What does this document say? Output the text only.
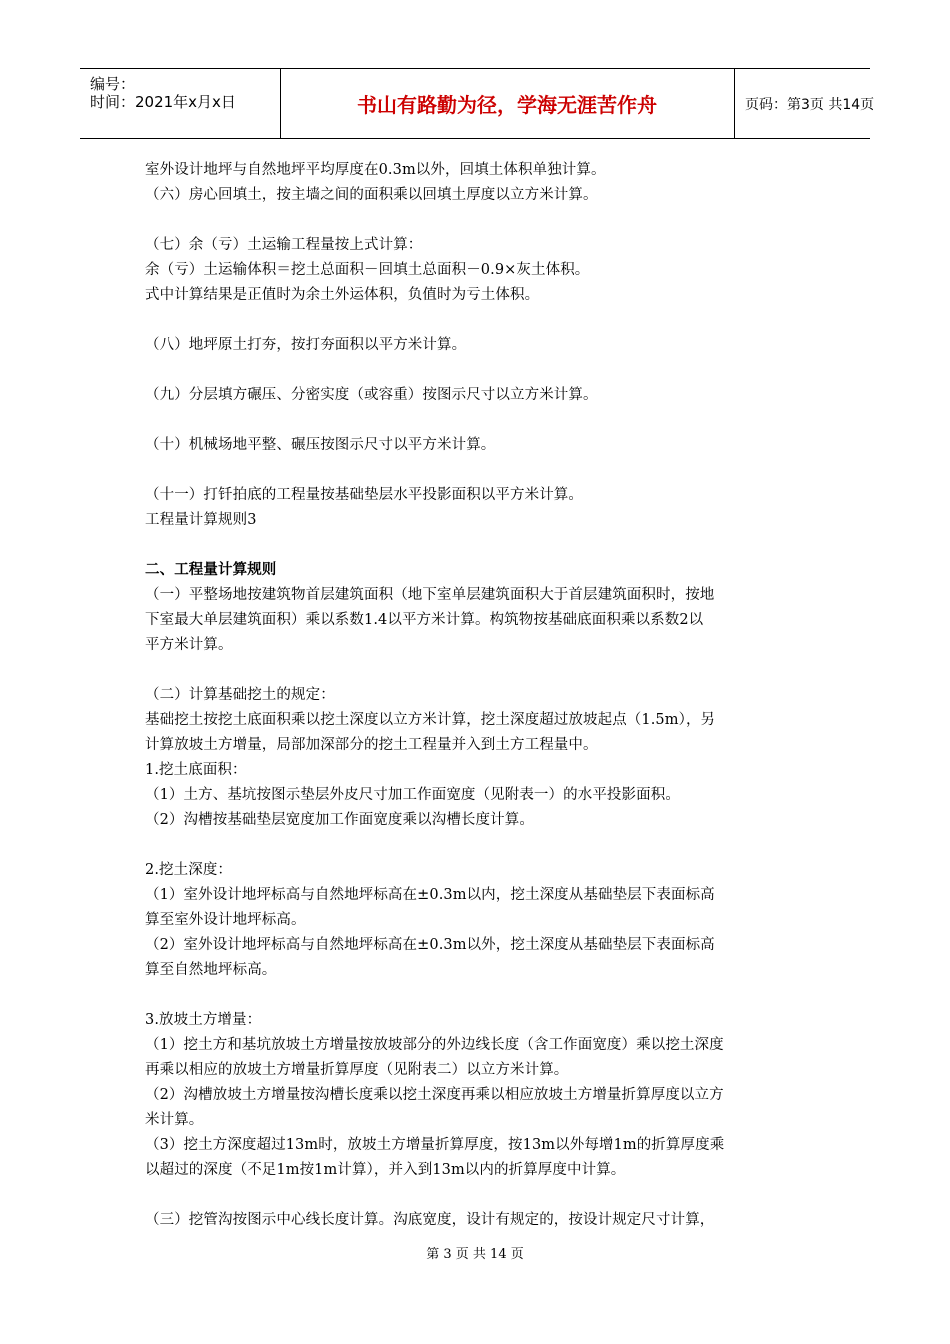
编号：
时间：2021年x月x日	书山有路勤为径，学海无涯苦作舟	页码：第3页 共14页

室外设计地坪与自然地坪平均厚度在0.3m以外，回填土体积单独计算。

（六）房心回填土，按主墙之间的面积乘以回填土厚度以立方米计算。

（七）余（亏）土运输工程量按上式计算：

余（亏）土运输体积＝挖土总面积－回填土总面积－0.9×灰土体积。

式中计算结果是正值时为余土外运体积，负值时为亏土体积。

（八）地坪原土打夯，按打夯面积以平方米计算。

（九）分层填方碾压、分密实度（或容重）按图示尺寸以立方米计算。

（十）机械场地平整、碾压按图示尺寸以平方米计算。

（十一）打钎拍底的工程量按基础垫层水平投影面积以平方米计算。

工程量计算规则3

二、工程量计算规则

（一）平整场地按建筑物首层建筑面积（地下室单层建筑面积大于首层建筑面积时，按地

下室最大单层建筑面积）乘以系数1.4以平方米计算。构筑物按基础底面积乘以系数2以

平方米计算。

（二）计算基础挖土的规定：

基础挖土按挖土底面积乘以挖土深度以立方米计算，挖土深度超过放坡起点（1.5m），另

计算放坡土方增量，局部加深部分的挖土工程量并入到土方工程量中。

1.挖土底面积：

（1）土方、基坑按图示垫层外皮尺寸加工作面宽度（见附表一）的水平投影面积。

（2）沟槽按基础垫层宽度加工作面宽度乘以沟槽长度计算。

2.挖土深度：

（1）室外设计地坪标高与自然地坪标高在±0.3m以内，挖土深度从基础垫层下表面标高

算至室外设计地坪标高。

（2）室外设计地坪标高与自然地坪标高在±0.3m以外，挖土深度从基础垫层下表面标高

算至自然地坪标高。

3.放坡土方增量：

（1）挖土方和基坑放坡土方增量按放坡部分的外边线长度（含工作面宽度）乘以挖土深度

再乘以相应的放坡土方增量折算厚度（见附表二）以立方米计算。

（2）沟槽放坡土方增量按沟槽长度乘以挖土深度再乘以相应放坡土方增量折算厚度以立方

米计算。

（3）挖土方深度超过13m时，放坡土方增量折算厚度，按13m以外每增1m的折算厚度乘

以超过的深度（不足1m按1m计算），并入到13m以内的折算厚度中计算。

（三）挖管沟按图示中心线长度计算。沟底宽度，设计有规定的，按设计规定尺寸计算，

第 3 页 共 14 页
